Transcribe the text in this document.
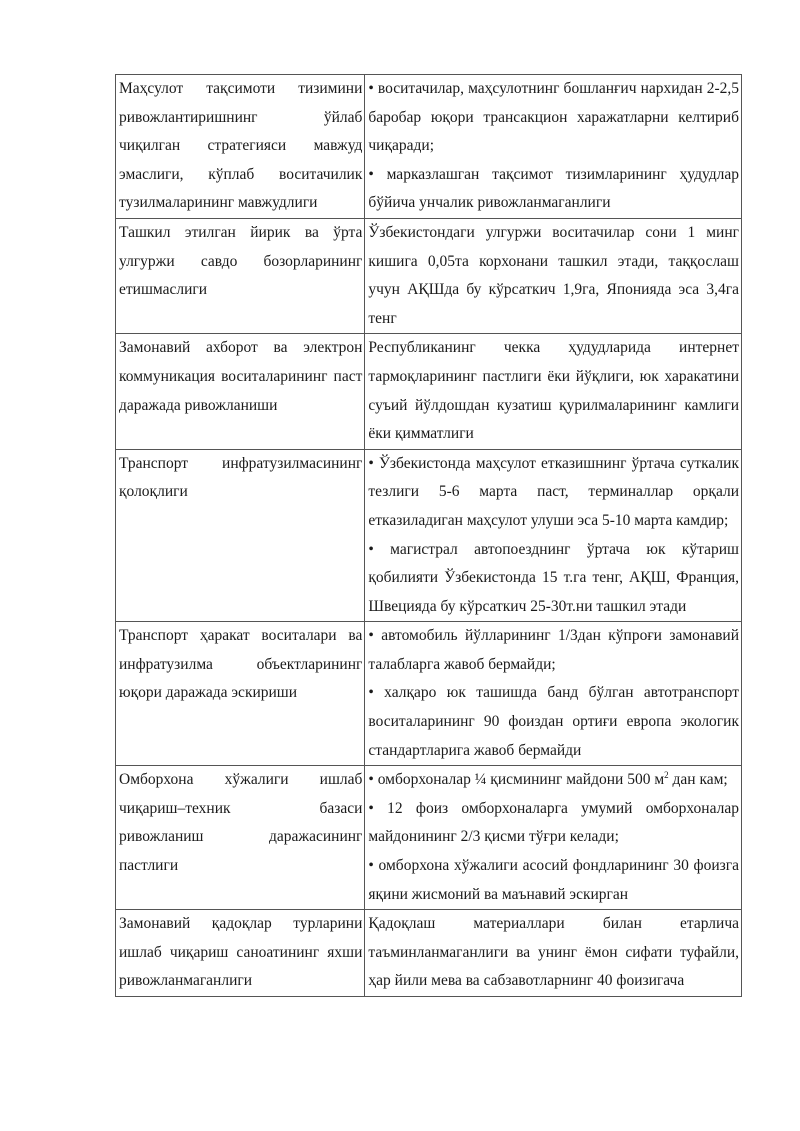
Маҳсулот тақсимоти тизимини ривожлантиришнинг ўйлаб чиқилган стратегияси мавжуд эмаслиги, кўплаб воситачилик тузилмаларининг мавжудлиги	• воситачилар, маҳсулотнинг бошланғич нархидан 2-2,5 баробар юқори трансакцион харажатларни келтириб чиқаради;
• марказлашган тақсимот тизимларининг ҳудудлар бўйича унчалик ривожланмаганлиги

Ташкил этилган йирик ва ўрта улгуржи савдо бозорларининг етишмаслиги	Ўзбекистондаги улгуржи воситачилар сони 1 минг кишига 0,05та корхонани ташкил этади, таққослаш учун АҚШда бу кўрсаткич 1,9га, Японияда эса 3,4га тенг

Замонавий ахборот ва электрон коммуникация воситаларининг паст даражада ривожланиши	Республиканинг чекка ҳудудларида интернет тармоқларининг пастлиги ёки йўқлиги, юк харакатини суъий йўлдошдан кузатиш қурилмаларининг камлиги ёки қимматлиги

Транспорт инфратузилмасининг қолоқлиги	• Ўзбекистонда маҳсулот етказишнинг ўртача суткалик тезлиги 5-6 марта паст, терминаллар орқали етказиладиган маҳсулот улуши эса 5-10 марта камдир;
• магистрал автопоезднинг ўртача юк кўтариш қобилияти Ўзбекистонда 15 т.га тенг, АҚШ, Франция, Швецияда бу кўрсаткич 25-30т.ни ташкил этади

Транспорт ҳаракат воситалари ва инфратузилма объектларининг юқори даражада эскириши	• автомобиль йўлларининг 1/3дан кўпроғи замонавий талабларга жавоб бермайди;
• халқаро юк ташишда банд бўлган автотранспорт воситаларининг 90 фоиздан ортиғи европа экологик стандартларига жавоб бермайди

Омборхона хўжалиги ишлаб чиқариш–техник базаси ривожланиш даражасининг пастлиги	• омборхоналар ¼ қисмининг майдони 500 $м^2$ дан кам;
• 12 фоиз омборхоналарга умумий омборхоналар майдонининг 2/3 қисми тўғри келади;
• омборхона хўжалиги асосий фондларининг 30 фоизга яқини жисмоний ва маънавий эскирган

Замонавий қадоқлар турларини ишлаб чиқариш саноатининг яхши ривожланмаганлиги	Қадоқлаш материаллари билан етарлича таъминланмаганлиги ва унинг ёмон сифати туфайли, ҳар йили мева ва сабзавотларнинг 40 фоизигача
